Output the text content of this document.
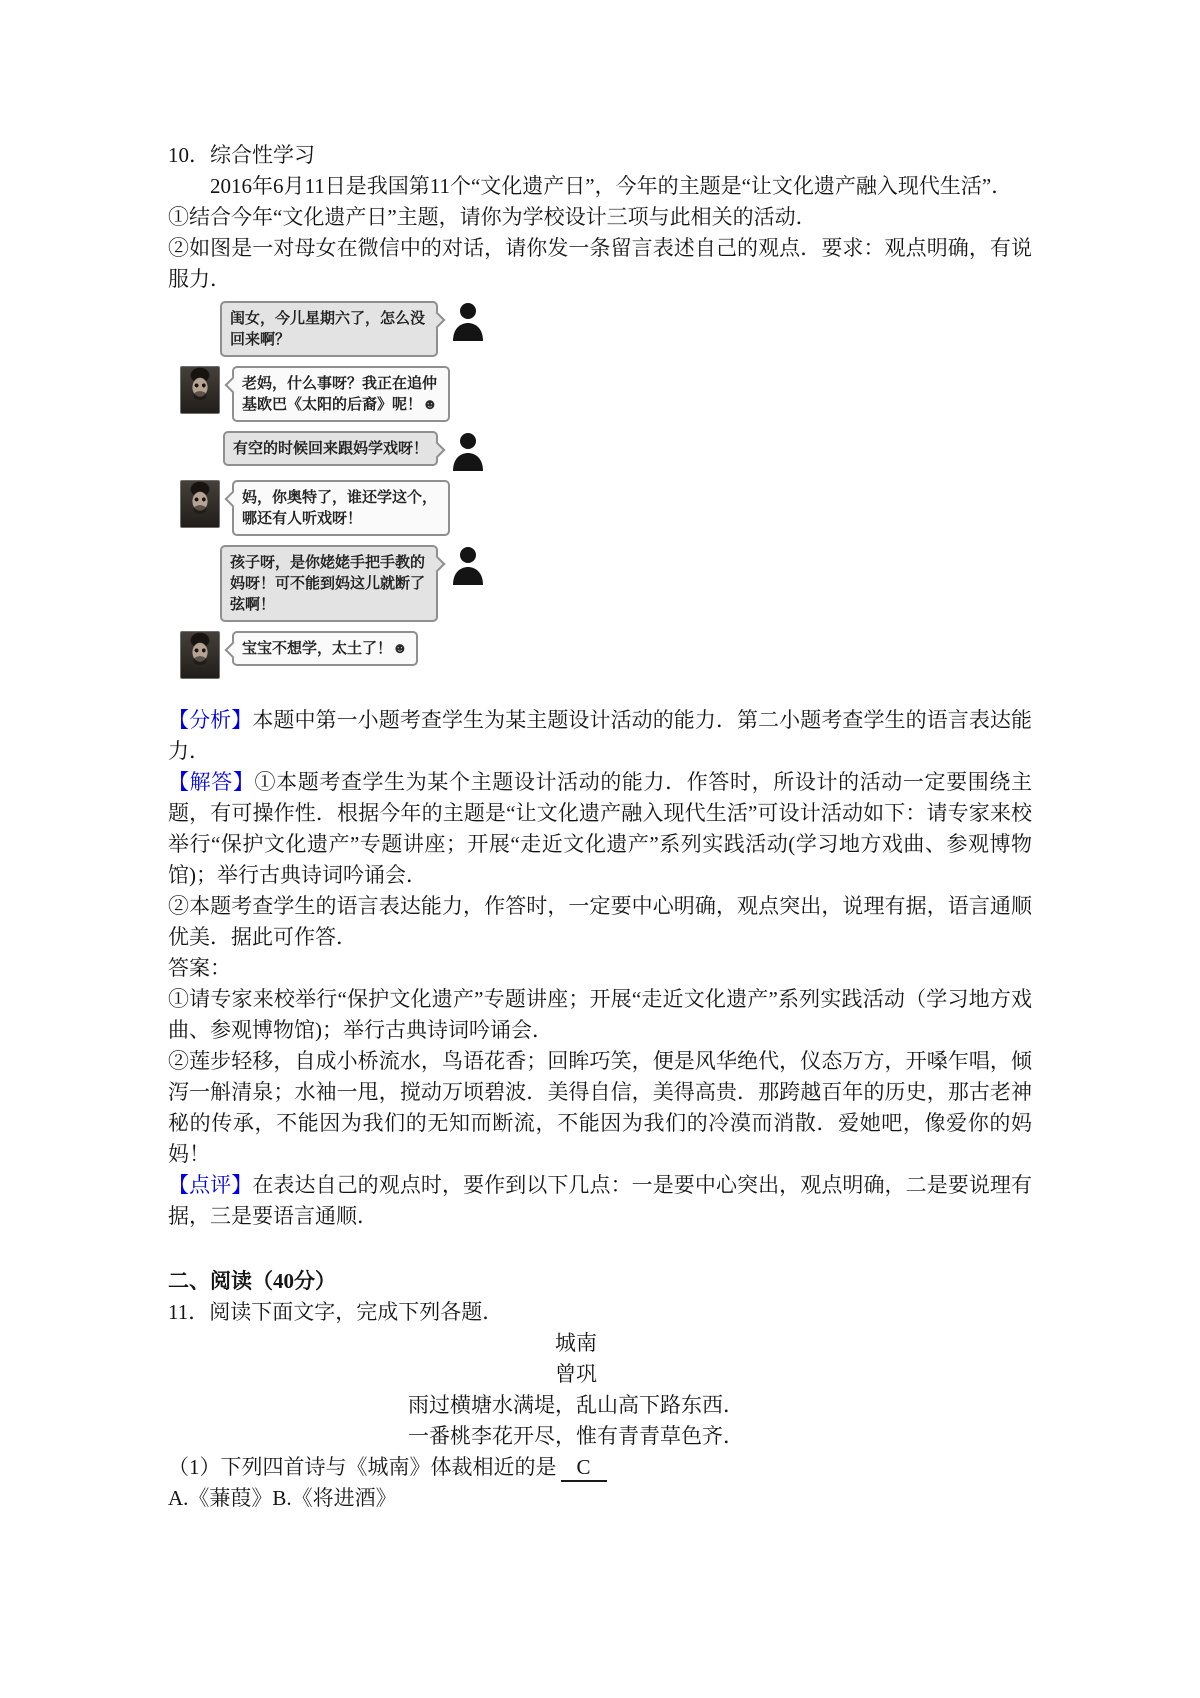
10．综合性学习

2016年6月11日是我国第11个“文化遗产日”，今年的主题是“让文化遗产融入现代生活”．

①结合今年“文化遗产日”主题，请你为学校设计三项与此相关的活动．

②如图是一对母女在微信中的对话，请你发一条留言表述自己的观点．要求：观点明确，有说服力．

闺女，今儿星期六了，怎么没回来啊？
老妈，什么事呀？我正在追仲基欧巴《太阳的后裔》呢！☻
有空的时候回来跟妈学戏呀！
妈，你奥特了，谁还学这个，哪还有人听戏呀！
孩子呀，是你姥姥手把手教的妈呀！可不能到妈这儿就断了弦啊！
宝宝不想学，太土了！☻

【分析】本题中第一小题考查学生为某主题设计活动的能力．第二小题考查学生的语言表达能力．

【解答】①本题考查学生为某个主题设计活动的能力．作答时，所设计的活动一定要围绕主题，有可操作性．根据今年的主题是“让文化遗产融入现代生活”可设计活动如下：请专家来校举行“保护文化遗产”专题讲座；开展“走近文化遗产”系列实践活动(学习地方戏曲、参观博物馆)；举行古典诗词吟诵会．

②本题考查学生的语言表达能力，作答时，一定要中心明确，观点突出，说理有据，语言通顺优美．据此可作答．

答案：

①请专家来校举行“保护文化遗产”专题讲座；开展“走近文化遗产”系列实践活动（学习地方戏曲、参观博物馆)；举行古典诗词吟诵会．

②莲步轻移，自成小桥流水，鸟语花香；回眸巧笑，便是风华绝代，仪态万方，开嗓乍唱，倾泻一斛清泉；水袖一甩，搅动万顷碧波．美得自信，美得高贵．那跨越百年的历史，那古老神秘的传承，不能因为我们的无知而断流，不能因为我们的冷漠而消散．爱她吧，像爱你的妈妈！

【点评】在表达自己的观点时，要作到以下几点：一是要中心突出，观点明确，二是要说理有据，三是要语言通顺．

二、阅读（40分）

11．阅读下面文字，完成下列各题．

城南

曾巩

雨过横塘水满堤，乱山高下路东西．

一番桃李花开尽，惟有青青草色齐．

（1）下列四首诗与《城南》体裁相近的是 C

A.《蒹葭》B.《将进酒》
